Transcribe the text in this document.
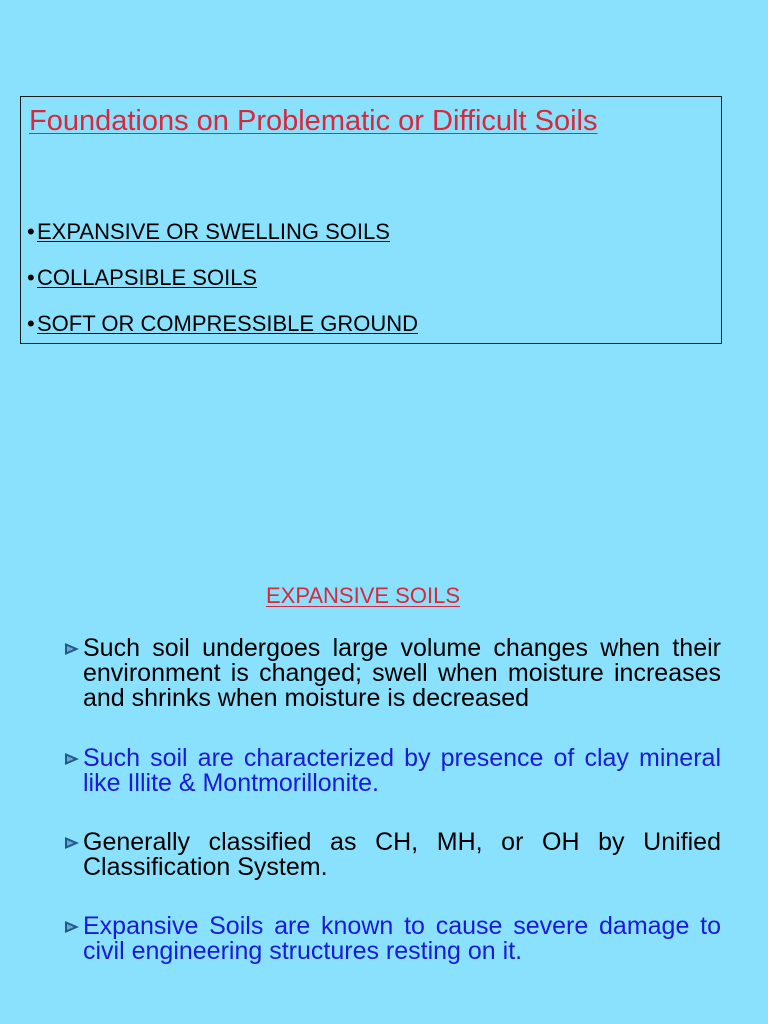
Foundations on Problematic or Difficult Soils
• EXPANSIVE OR SWELLING SOILS
• COLLAPSIBLE SOILS
• SOFT OR COMPRESSIBLE GROUND
EXPANSIVE SOILS
Such soil undergoes large volume changes when their environment is changed; swell when moisture increases and shrinks when moisture is decreased
Such soil are characterized by presence of clay mineral like Illite & Montmorillonite.
Generally classified as CH, MH, or OH by Unified Classification System.
Expansive Soils are known to cause severe damage to civil engineering structures resting on it.
